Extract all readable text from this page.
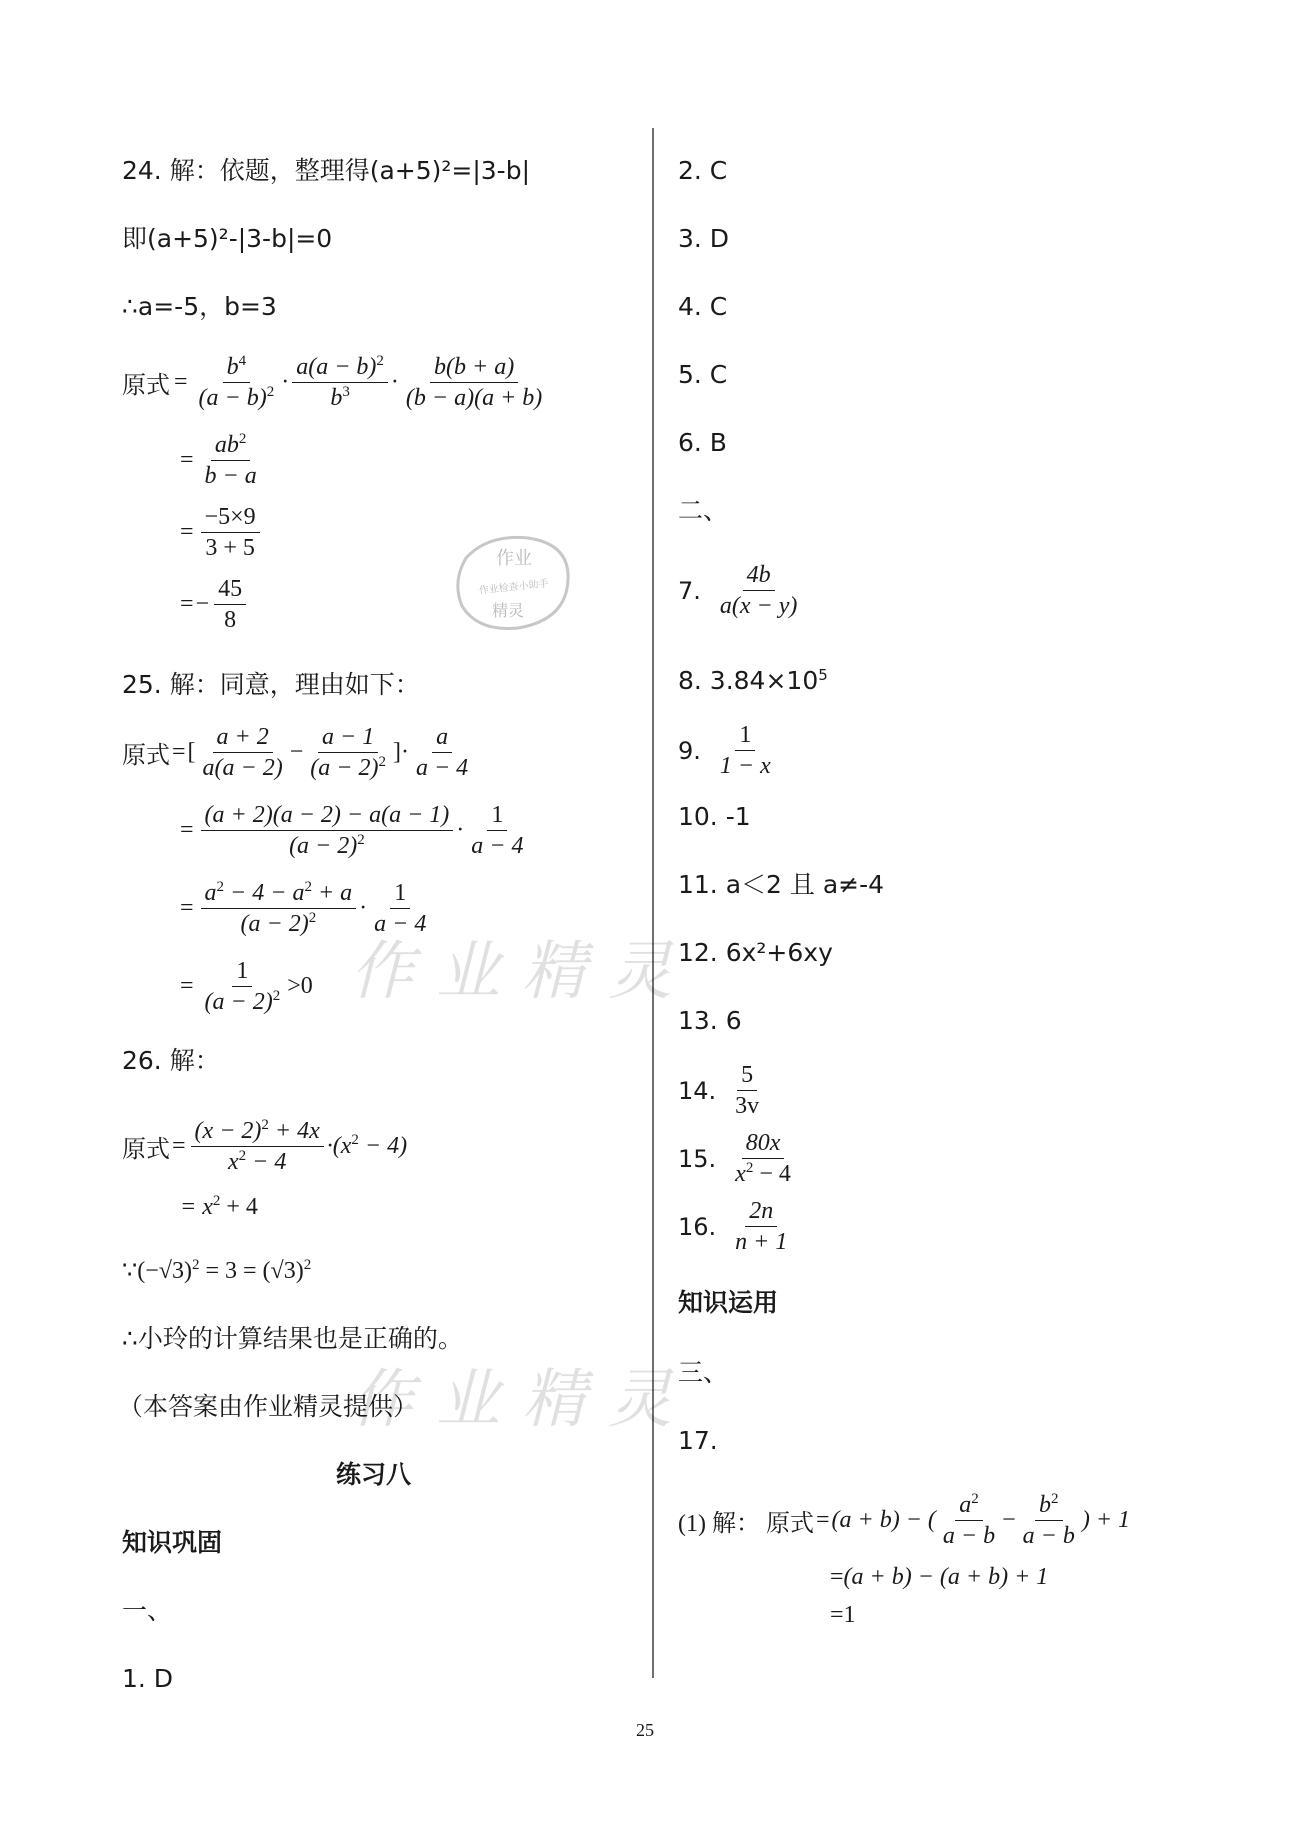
24. 解：依题，整理得(a+5)²=|3-b|
即(a+5)²-|3-b|=0
∴a=-5，b=3
原式 = $\frac{b^4}{(a - b)^2} \cdot \frac{a(a - b)^2}{b^3} \cdot \frac{b(b + a)}{(b - a)(a + b)}$
= $\frac{ab^2}{b - a}$
= $\frac{-5\times 9}{3 + 5}$
= − $\frac{45}{8}$
25. 解：同意，理由如下：
原式 = [ $\frac{a + 2}{a(a - 2)} - \frac{a - 1}{(a - 2)^2}$ ] · $\frac{a}{a - 4}$
= $\frac{(a + 2)(a - 2) - a(a - 1)}{(a - 2)^2} \cdot \frac{1}{a - 4}$
= $\frac{a^2 - 4 - a^2 + a}{(a - 2)^2} \cdot \frac{1}{a - 4}$
= $\frac{1}{(a - 2)^2} >0$
26. 解：
原式 = $\frac{(x - 2)^2 + 4x}{x^2 - 4} \cdot(x^2 - 4)$
= $x^2 + 4$
$\because(-√3)^2 = 3 = (√3)^2$
∴小玲的计算结果也是正确的。
（本答案由作业精灵提供）
练习八
知识巩固
一、
1. D
2. C
3. D
4. C
5. C
6. B
二、
7. $\frac{4b}{a(x - y)}$
8. $3.84\times 10^5$
9. $\frac{1}{1 - x}$
10. -1
11. a＜2 且 a≠-4
12. 6x²+6xy
13. 6
14. $\frac{5}{3v}$
15. $\frac{80x}{x^2 - 4}$
16. $\frac{2n}{n + 1}$
知识运用
三、
17.
(1) 解： 原式 = (a + b) − ( $\frac{a^2}{a - b} - \frac{b^2}{a - b}$ ) + 1
=(a + b) − (a + b) + 1
=1
作业精灵
作业精灵
作业
作业检查小助手
精灵
25
